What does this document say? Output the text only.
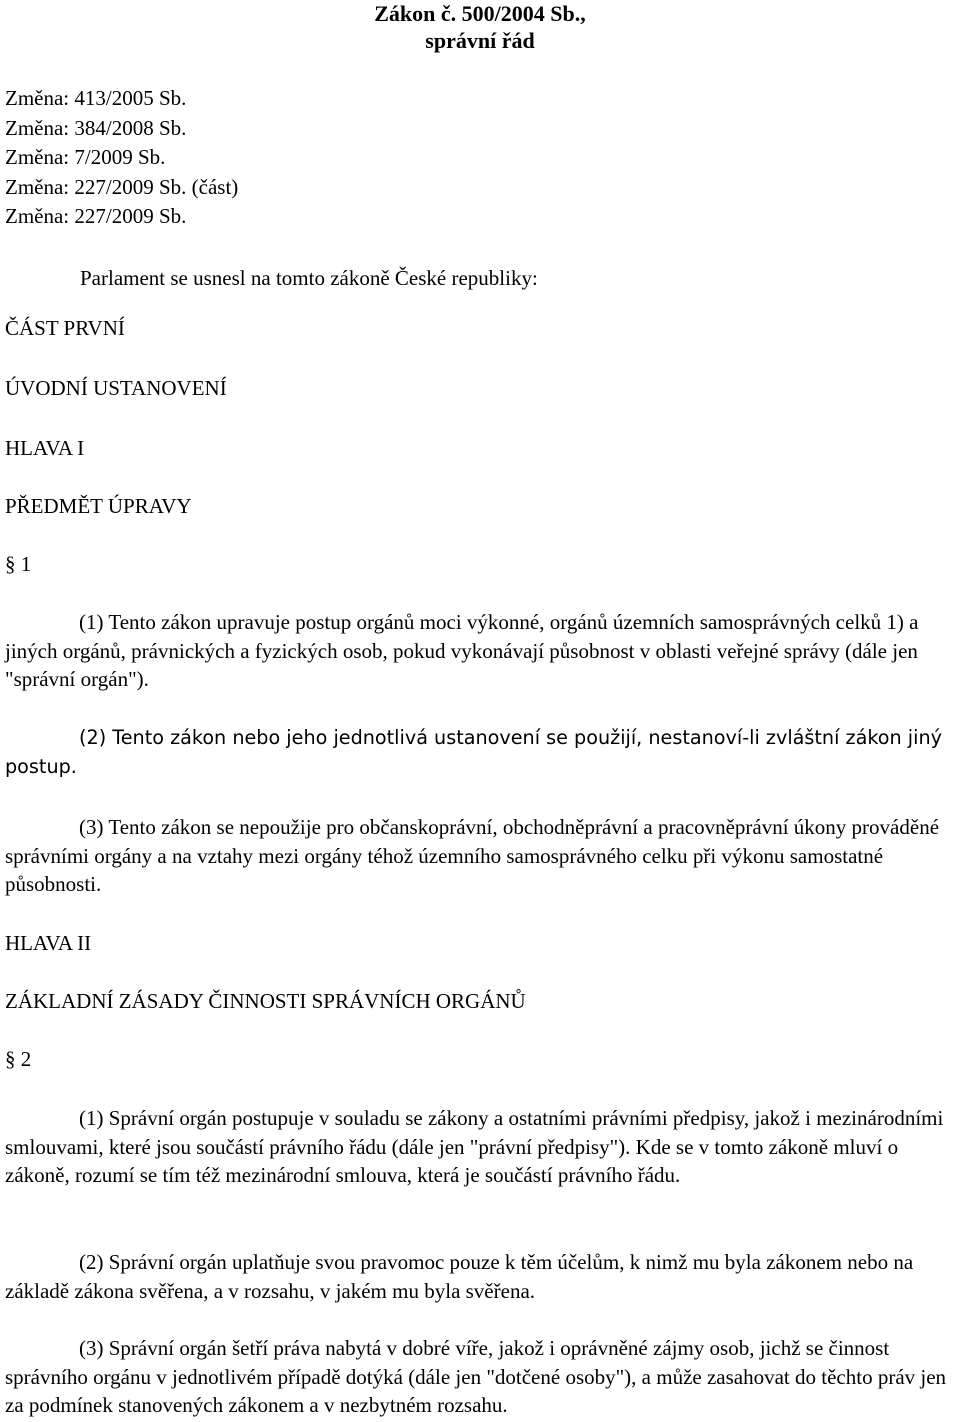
Zákon č. 500/2004 Sb.,
správní řád
Změna: 413/2005 Sb.
Změna: 384/2008 Sb.
Změna: 7/2009 Sb.
Změna: 227/2009 Sb. (část)
Změna: 227/2009 Sb.
Parlament se usnesl na tomto zákoně České republiky:
ČÁST PRVNÍ
ÚVODNÍ USTANOVENÍ
HLAVA I
PŘEDMĚT ÚPRAVY
§ 1

(1) Tento zákon upravuje postup orgánů moci výkonné, orgánů územních samosprávných celků 1) a jiných orgánů, právnických a fyzických osob, pokud vykonávají působnost v oblasti veřejné správy (dále jen "správní orgán").

(2) Tento zákon nebo jeho jednotlivá ustanovení se použijí, nestanoví-li zvláštní zákon jiný postup.

(3) Tento zákon se nepoužije pro občanskoprávní, obchodněprávní a pracovněprávní úkony prováděné správními orgány a na vztahy mezi orgány téhož územního samosprávného celku při výkonu samostatné působnosti.

HLAVA II
ZÁKLADNÍ ZÁSADY ČINNOSTI SPRÁVNÍCH ORGÁNŮ
§ 2

(1) Správní orgán postupuje v souladu se zákony a ostatními právními předpisy, jakož i mezinárodními smlouvami, které jsou součástí právního řádu (dále jen "právní předpisy"). Kde se v tomto zákoně mluví o zákoně, rozumí se tím též mezinárodní smlouva, která je součástí právního řádu.

(2) Správní orgán uplatňuje svou pravomoc pouze k těm účelům, k nimž mu byla zákonem nebo na základě zákona svěřena, a v rozsahu, v jakém mu byla svěřena.

(3) Správní orgán šetří práva nabytá v dobré víře, jakož i oprávněné zájmy osob, jichž se činnost správního orgánu v jednotlivém případě dotýká (dále jen "dotčené osoby"), a může zasahovat do těchto práv jen za podmínek stanovených zákonem a v nezbytném rozsahu.
